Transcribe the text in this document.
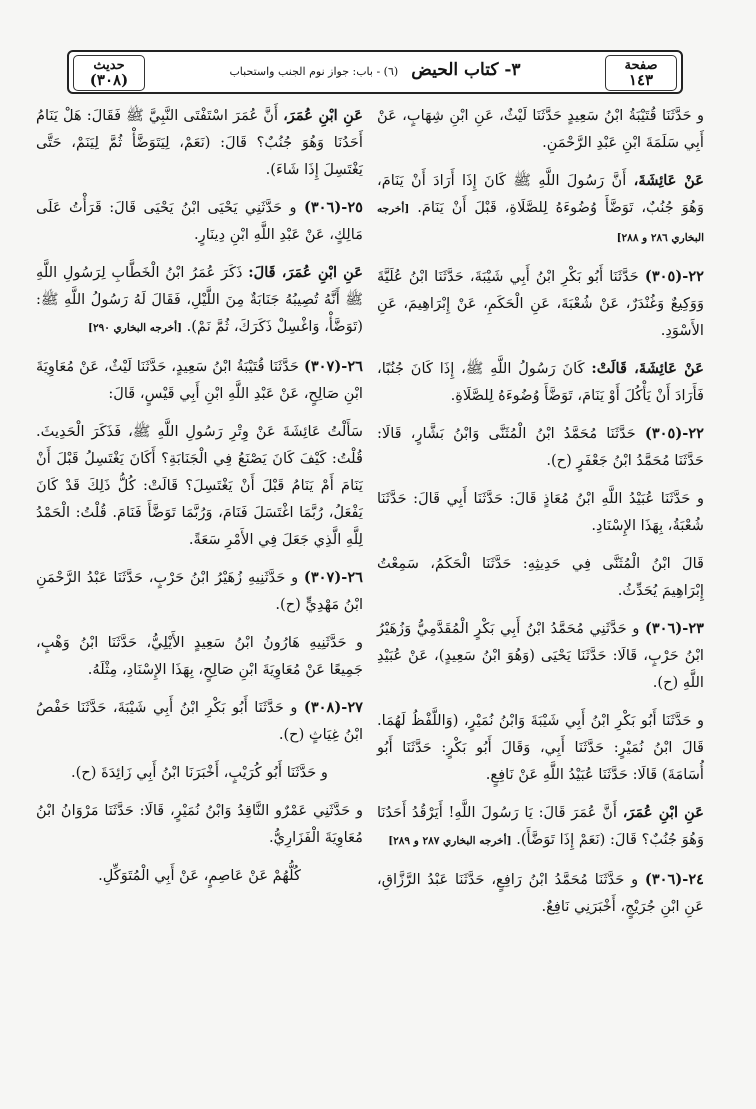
صفحة
١٤٣
٣- كتاب الحيض (٦) - باب: جواز نوم الجنب واستحباب
حديث
(٣٠٨)

و حَدَّثَنَا قُتَيْبَةُ ابْنُ سَعِيدٍ حَدَّثَنَا لَيْثٌ، عَنِ ابْنِ شِهَابٍ، عَنْ أَبِي سَلَمَةَ ابْنِ عَبْدِ الرَّحْمَنِ.

عَنْ عَائِشَةَ، أَنَّ رَسُولَ اللَّهِ ﷺ كَانَ إِذَا أَرَادَ أَنْ يَنَامَ، وَهُوَ جُنُبٌ، تَوَضَّأَ وُضُوءَهُ لِلصَّلَاةِ، قَبْلَ أَنْ يَنَامَ. [أخرجه البخاري ٢٨٦ و ٢٨٨]

٢٢-(٣٠٥) حَدَّثَنَا أَبُو بَكْرِ ابْنُ أَبِي شَيْبَةَ، حَدَّثَنَا ابْنُ عُلَيَّةَ وَوَكِيعٌ وَغُنْدَرٌ، عَنْ شُعْبَةَ، عَنِ الْحَكَمِ، عَنْ إِبْرَاهِيمَ، عَنِ الأَسْوَدِ.

عَنْ عَائِشَةَ، قَالَتْ: كَانَ رَسُولُ اللَّهِ ﷺ، إِذَا كَانَ جُنُبًا، فَأَرَادَ أَنْ يَأْكُلَ أَوْ يَنَامَ، تَوَضَّأَ وُضُوءَهُ لِلصَّلَاةِ.

٢٢-(٣٠٥) حَدَّثَنَا مُحَمَّدُ ابْنُ الْمُثَنَّى وَابْنُ بَشَّارٍ، قَالَا: حَدَّثَنَا مُحَمَّدُ ابْنُ جَعْفَرٍ (ح).

و حَدَّثَنَا عُبَيْدُ اللَّهِ ابْنُ مُعَاذٍ قَالَ: حَدَّثَنَا أَبِي قَالَ: حَدَّثَنَا شُعْبَةُ، بِهَذَا الإِسْنَادِ.

قَالَ ابْنُ الْمُثَنَّى فِي حَدِيثِهِ: حَدَّثَنَا الْحَكَمُ، سَمِعْتُ إِبْرَاهِيمَ يُحَدِّثُ.

٢٣-(٣٠٦) و حَدَّثَنِي مُحَمَّدُ ابْنُ أَبِي بَكْرٍ الْمُقَدَّمِيُّ وَزُهَيْرُ ابْنُ حَرْبٍ، قَالَا: حَدَّثَنَا يَحْيَى (وَهُوَ ابْنُ سَعِيدٍ)، عَنْ عُبَيْدِ اللَّهِ (ح).

و حَدَّثَنَا أَبُو بَكْرِ ابْنُ أَبِي شَيْبَةَ وَابْنُ نُمَيْرٍ، (وَاللَّفْظُ لَهُمَا. قَالَ ابْنُ نُمَيْرٍ: حَدَّثَنَا أَبِي، وَقَالَ أَبُو بَكْرٍ: حَدَّثَنَا أَبُو أُسَامَةَ) قَالَا: حَدَّثَنَا عُبَيْدُ اللَّهِ عَنْ نَافِعٍ.

عَنِ ابْنِ عُمَرَ، أَنَّ عُمَرَ قَالَ: يَا رَسُولَ اللَّهِ! أَيَرْقُدُ أَحَدُنَا وَهُوَ جُنُبٌ؟ قَالَ: (نَعَمْ إِذَا تَوَضَّأَ). [أخرجه البخاري ٢٨٧ و ٢٨٩]

٢٤-(٣٠٦) و حَدَّثَنَا مُحَمَّدُ ابْنُ رَافِعٍ، حَدَّثَنَا عَبْدُ الرَّزَّاقِ، عَنِ ابْنِ جُرَيْجٍ، أَخْبَرَنِي نَافِعٌ.

عَنِ ابْنِ عُمَرَ، أَنَّ عُمَرَ اسْتَفْتَى النَّبِيَّ ﷺ فَقَالَ: هَلْ يَنَامُ أَحَدُنَا وَهُوَ جُنُبٌ؟ قَالَ: (نَعَمْ، لِيَتَوَضَّأْ ثُمَّ لِيَنَمْ، حَتَّى يَغْتَسِلَ إِذَا شَاءَ).

٢٥-(٣٠٦) و حَدَّثَنِي يَحْيَى ابْنُ يَحْيَى قَالَ: قَرَأْتُ عَلَى مَالِكٍ، عَنْ عَبْدِ اللَّهِ ابْنِ دِينَارٍ.

عَنِ ابْنِ عُمَرَ، قَالَ: ذَكَرَ عُمَرُ ابْنُ الْخَطَّابِ لِرَسُولِ اللَّهِ ﷺ أَنَّهُ تُصِيبُهُ جَنَابَةٌ مِنَ اللَّيْلِ، فَقَالَ لَهُ رَسُولُ اللَّهِ ﷺ: (تَوَضَّأْ، وَاغْسِلْ ذَكَرَكَ، ثُمَّ نَمْ). [أخرجه البخاري ٢٩٠]

٢٦-(٣٠٧) حَدَّثَنَا قُتَيْبَةُ ابْنُ سَعِيدٍ، حَدَّثَنَا لَيْثٌ، عَنْ مُعَاوِيَةَ ابْنِ صَالِحٍ، عَنْ عَبْدِ اللَّهِ ابْنِ أَبِي قَيْسٍ، قَالَ:

سَأَلْتُ عَائِشَةَ عَنْ وِتْرِ رَسُولِ اللَّهِ ﷺ، فَذَكَرَ الْحَدِيثَ. قُلْتُ: كَيْفَ كَانَ يَصْنَعُ فِي الْجَنَابَةِ؟ أَكَانَ يَغْتَسِلُ قَبْلَ أَنْ يَنَامَ أَمْ يَنَامُ قَبْلَ أَنْ يَغْتَسِلَ؟ قَالَتْ: كُلُّ ذَلِكَ قَدْ كَانَ يَفْعَلُ، رُبَّمَا اغْتَسَلَ فَنَامَ، وَرُبَّمَا تَوَضَّأَ فَنَامَ. قُلْتُ: الْحَمْدُ لِلَّهِ الَّذِي جَعَلَ فِي الأَمْرِ سَعَةً.

٢٦-(٣٠٧) و حَدَّثَنِيهِ زُهَيْرُ ابْنُ حَرْبٍ، حَدَّثَنَا عَبْدُ الرَّحْمَنِ ابْنُ مَهْدِيٍّ (ح).

و حَدَّثَنِيهِ هَارُونُ ابْنُ سَعِيدٍ الأَيْلِيُّ، حَدَّثَنَا ابْنُ وَهْبٍ، جَمِيعًا عَنْ مُعَاوِيَةَ ابْنِ صَالِحٍ، بِهَذَا الإِسْنَادِ، مِثْلَهُ.

٢٧-(٣٠٨) و حَدَّثَنَا أَبُو بَكْرِ ابْنُ أَبِي شَيْبَةَ، حَدَّثَنَا حَفْصُ ابْنُ غِيَاثٍ (ح).

و حَدَّثَنَا أَبُو كُرَيْبٍ، أَخْبَرَنَا ابْنُ أَبِي زَائِدَةَ (ح).

و حَدَّثَنِي عَمْرٌو النَّاقِدُ وَابْنُ نُمَيْرٍ، قَالَا: حَدَّثَنَا مَرْوَانُ ابْنُ مُعَاوِيَةَ الْفَزَارِيُّ.

كُلُّهُمْ عَنْ عَاصِمٍ، عَنْ أَبِي الْمُتَوَكِّلِ.
